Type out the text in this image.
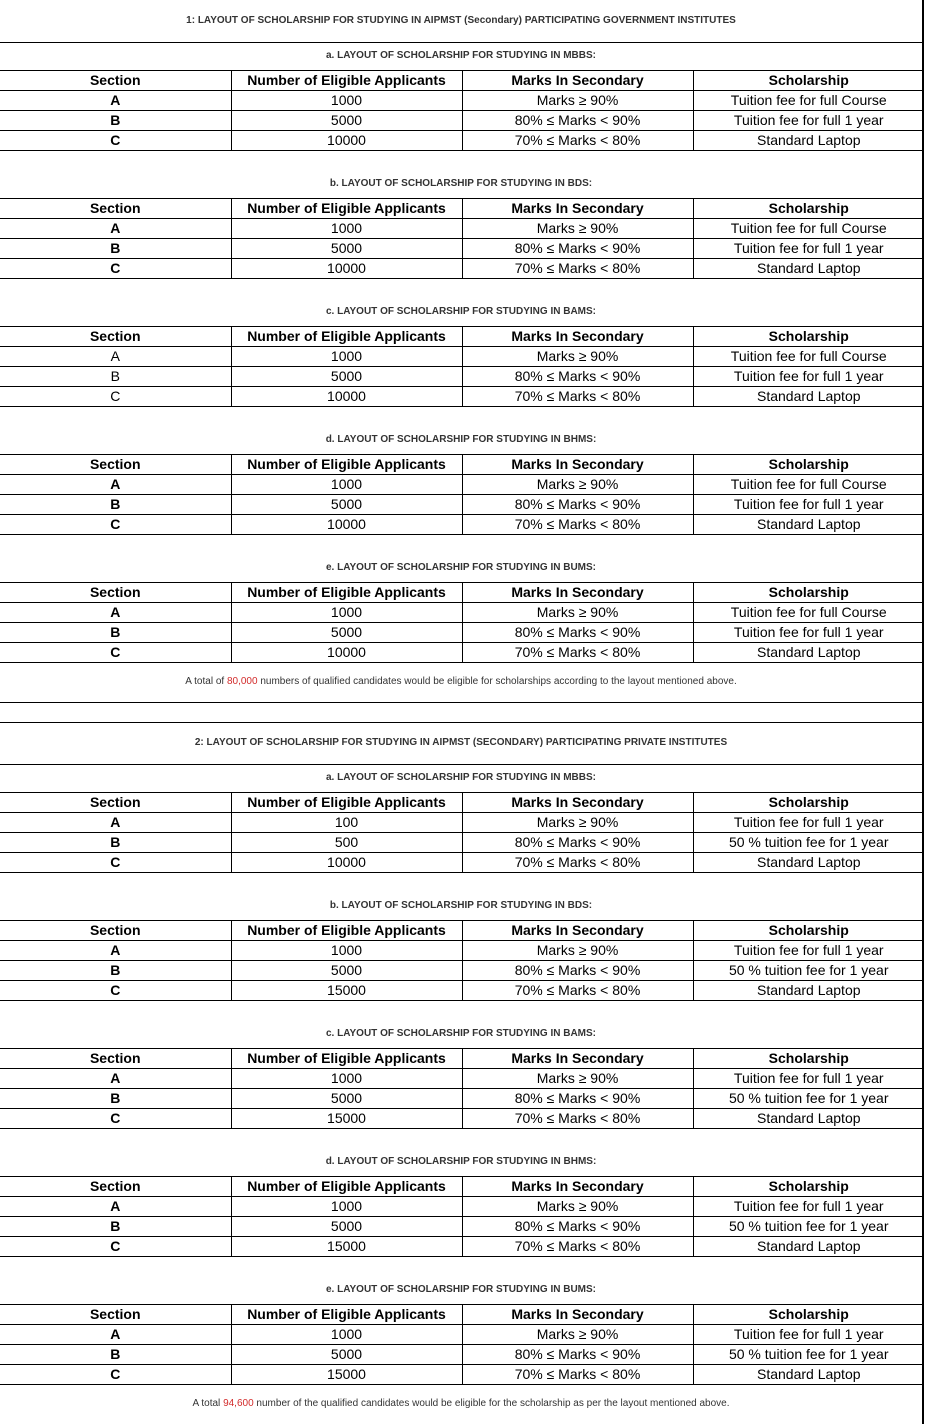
1: LAYOUT OF SCHOLARSHIP FOR STUDYING IN AIPMST (Secondary) PARTICIPATING GOVERNMENT INSTITUTES
a. LAYOUT OF SCHOLARSHIP FOR STUDYING IN MBBS:
Section	Number of Eligible Applicants	Marks In Secondary	Scholarship
A	1000	Marks ≥ 90%	Tuition fee for full Course
B	5000	80% ≤ Marks < 90%	Tuition fee for full 1 year
C	10000	70% ≤ Marks < 80%	Standard Laptop
b. LAYOUT OF SCHOLARSHIP FOR STUDYING IN BDS:
Section	Number of Eligible Applicants	Marks In Secondary	Scholarship
A	1000	Marks ≥ 90%	Tuition fee for full Course
B	5000	80% ≤ Marks < 90%	Tuition fee for full 1 year
C	10000	70% ≤ Marks < 80%	Standard Laptop
c. LAYOUT OF SCHOLARSHIP FOR STUDYING IN BAMS:
Section	Number of Eligible Applicants	Marks In Secondary	Scholarship
A	1000	Marks ≥ 90%	Tuition fee for full Course
B	5000	80% ≤ Marks < 90%	Tuition fee for full 1 year
C	10000	70% ≤ Marks < 80%	Standard Laptop
d. LAYOUT OF SCHOLARSHIP FOR STUDYING IN BHMS:
Section	Number of Eligible Applicants	Marks In Secondary	Scholarship
A	1000	Marks ≥ 90%	Tuition fee for full Course
B	5000	80% ≤ Marks < 90%	Tuition fee for full 1 year
C	10000	70% ≤ Marks < 80%	Standard Laptop
e. LAYOUT OF SCHOLARSHIP FOR STUDYING IN BUMS:
Section	Number of Eligible Applicants	Marks In Secondary	Scholarship
A	1000	Marks ≥ 90%	Tuition fee for full Course
B	5000	80% ≤ Marks < 90%	Tuition fee for full 1 year
C	10000	70% ≤ Marks < 80%	Standard Laptop
A total of 80,000 numbers of qualified candidates would be eligible for scholarships according to the layout mentioned above.
2: LAYOUT OF SCHOLARSHIP FOR STUDYING IN AIPMST (SECONDARY) PARTICIPATING PRIVATE INSTITUTES
a. LAYOUT OF SCHOLARSHIP FOR STUDYING IN MBBS:
Section	Number of Eligible Applicants	Marks In Secondary	Scholarship
A	100	Marks ≥ 90%	Tuition fee for full 1 year
B	500	80% ≤ Marks < 90%	50 % tuition fee for 1 year
C	10000	70% ≤ Marks < 80%	Standard Laptop
b. LAYOUT OF SCHOLARSHIP FOR STUDYING IN BDS:
Section	Number of Eligible Applicants	Marks In Secondary	Scholarship
A	1000	Marks ≥ 90%	Tuition fee for full 1 year
B	5000	80% ≤ Marks < 90%	50 % tuition fee for 1 year
C	15000	70% ≤ Marks < 80%	Standard Laptop
c. LAYOUT OF SCHOLARSHIP FOR STUDYING IN BAMS:
Section	Number of Eligible Applicants	Marks In Secondary	Scholarship
A	1000	Marks ≥ 90%	Tuition fee for full 1 year
B	5000	80% ≤ Marks < 90%	50 % tuition fee for 1 year
C	15000	70% ≤ Marks < 80%	Standard Laptop
d. LAYOUT OF SCHOLARSHIP FOR STUDYING IN BHMS:
Section	Number of Eligible Applicants	Marks In Secondary	Scholarship
A	1000	Marks ≥ 90%	Tuition fee for full 1 year
B	5000	80% ≤ Marks < 90%	50 % tuition fee for 1 year
C	15000	70% ≤ Marks < 80%	Standard Laptop
e. LAYOUT OF SCHOLARSHIP FOR STUDYING IN BUMS:
Section	Number of Eligible Applicants	Marks In Secondary	Scholarship
A	1000	Marks ≥ 90%	Tuition fee for full 1 year
B	5000	80% ≤ Marks < 90%	50 % tuition fee for 1 year
C	15000	70% ≤ Marks < 80%	Standard Laptop
A total 94,600 number of the qualified candidates would be eligible for the scholarship as per the layout mentioned above.
